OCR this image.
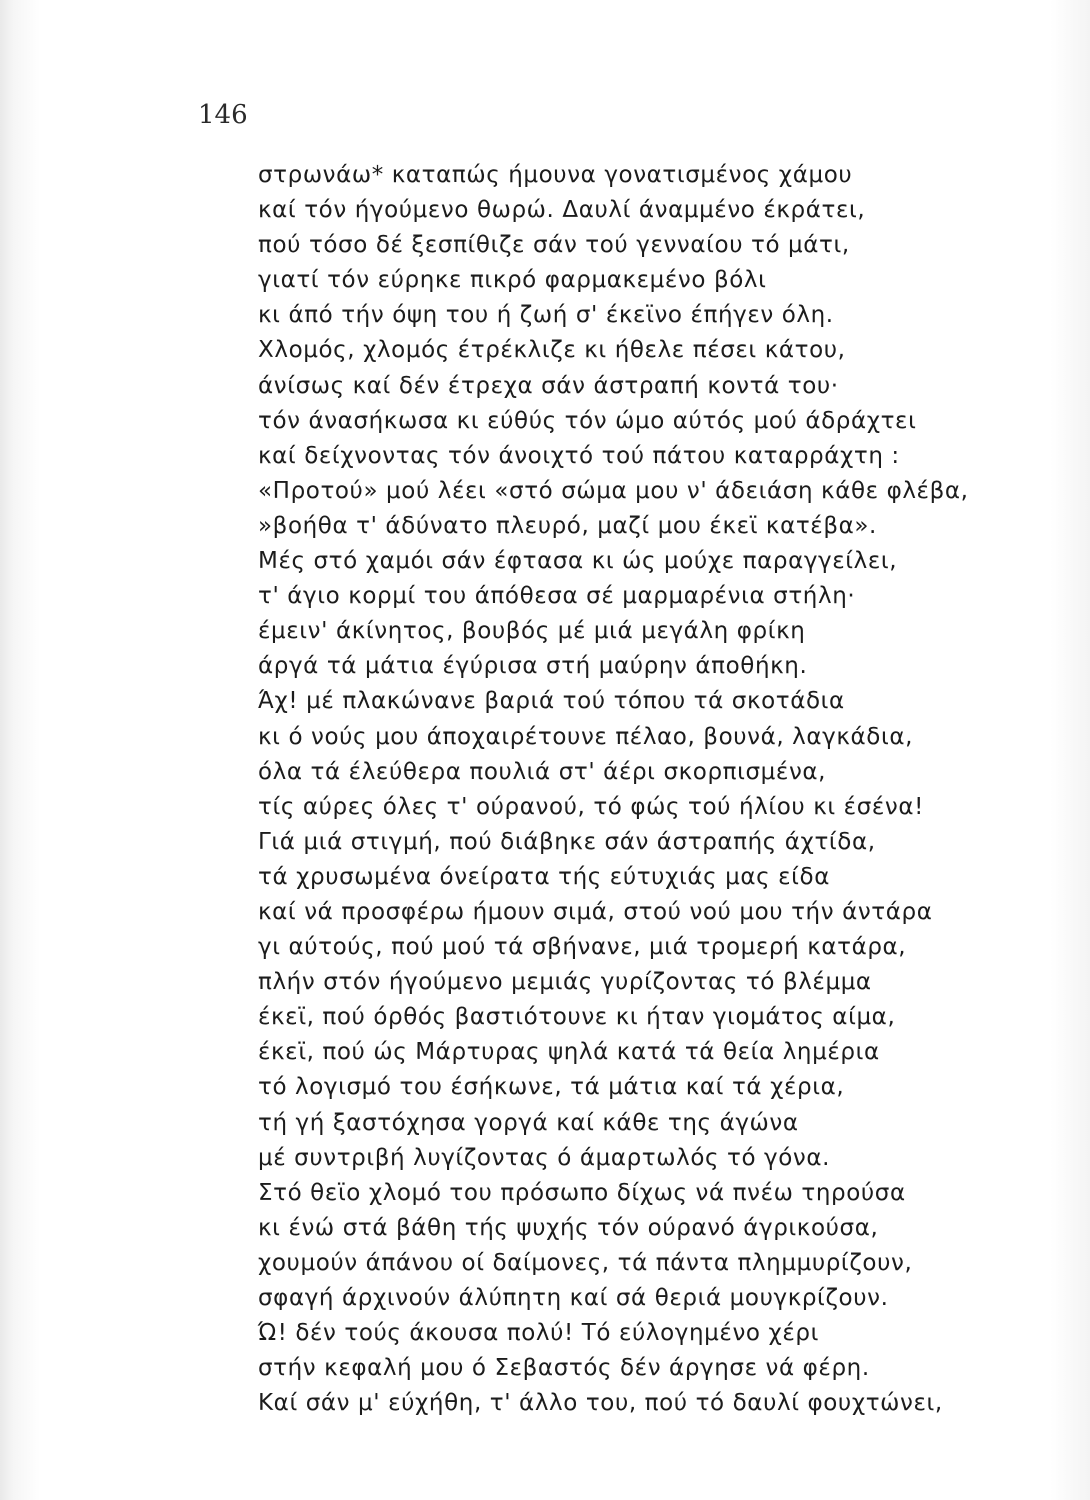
146
στρωνάω* καταπώς ήμουνα γονατισμένος χάμου
καί τόν ήγούμενο θωρώ. Δαυλί άναμμένο έκράτει,
πού τόσο δέ ξεσπίθιζε σάν τού γενναίου τό μάτι,
γιατί τόν εύρηκε πικρό φαρμακεμένο βόλι
κι άπό τήν όψη του ή ζωή σ' έκεϊνο έπήγεν όλη.
Χλομός, χλομός έτρέκλιζε κι ήθελε πέσει κάτου,
άνίσως καί δέν έτρεχα σάν άστραπή κοντά του·
τόν άνασήκωσα κι εύθύς τόν ώμο αύτός μού άδράχτει
καί δείχνοντας τόν άνοιχτό τού πάτου καταρράχτη :
«Προτού» μού λέει «στό σώμα μου ν' άδειάση κάθε φλέβα,
»βοήθα τ' άδύνατο πλευρό, μαζί μου έκεϊ κατέβα».
Μές στό χαμόι σάν έφτασα κι ώς μούχε παραγγείλει,
τ' άγιο κορμί του άπόθεσα σέ μαρμαρένια στήλη·
έμειν' άκίνητος, βουβός μέ μιά μεγάλη φρίκη
άργά τά μάτια έγύρισα στή μαύρην άποθήκη.
Άχ! μέ πλακώνανε βαριά τού τόπου τά σκοτάδια
κι ό νούς μου άποχαιρέτουνε πέλαο, βουνά, λαγκάδια,
όλα τά έλεύθερα πουλιά στ' άέρι σκορπισμένα,
τίς αύρες όλες τ' ούρανού, τό φώς τού ήλίου κι έσένα!
Γιά μιά στιγμή, πού διάβηκε σάν άστραπής άχτίδα,
τά χρυσωμένα όνείρατα τής εύτυχιάς μας είδα
καί νά προσφέρω ήμουν σιμά, στού νού μου τήν άντάρα
γι αύτούς, πού μού τά σβήνανε, μιά τρομερή κατάρα,
πλήν στόν ήγούμενο μεμιάς γυρίζοντας τό βλέμμα
έκεϊ, πού όρθός βαστιότουνε κι ήταν γιομάτος αίμα,
έκεϊ, πού ώς Μάρτυρας ψηλά κατά τά θεία λημέρια
τό λογισμό του έσήκωνε, τά μάτια καί τά χέρια,
τή γή ξαστόχησα γοργά καί κάθε της άγώνα
μέ συντριβή λυγίζοντας ό άμαρτωλός τό γόνα.
Στό θεϊο χλομό του πρόσωπο δίχως νά πνέω τηρούσα
κι ένώ στά βάθη τής ψυχής τόν ούρανό άγρικούσα,
χουμούν άπάνου οί δαίμονες, τά πάντα πλημμυρίζουν,
σφαγή άρχινούν άλύπητη καί σά θεριά μουγκρίζουν.
Ώ! δέν τούς άκουσα πολύ! Τό εύλογημένο χέρι
στήν κεφαλή μου ό Σεβαστός δέν άργησε νά φέρη.
Καί σάν μ' εύχήθη, τ' άλλο του, πού τό δαυλί φουχτώνει,
